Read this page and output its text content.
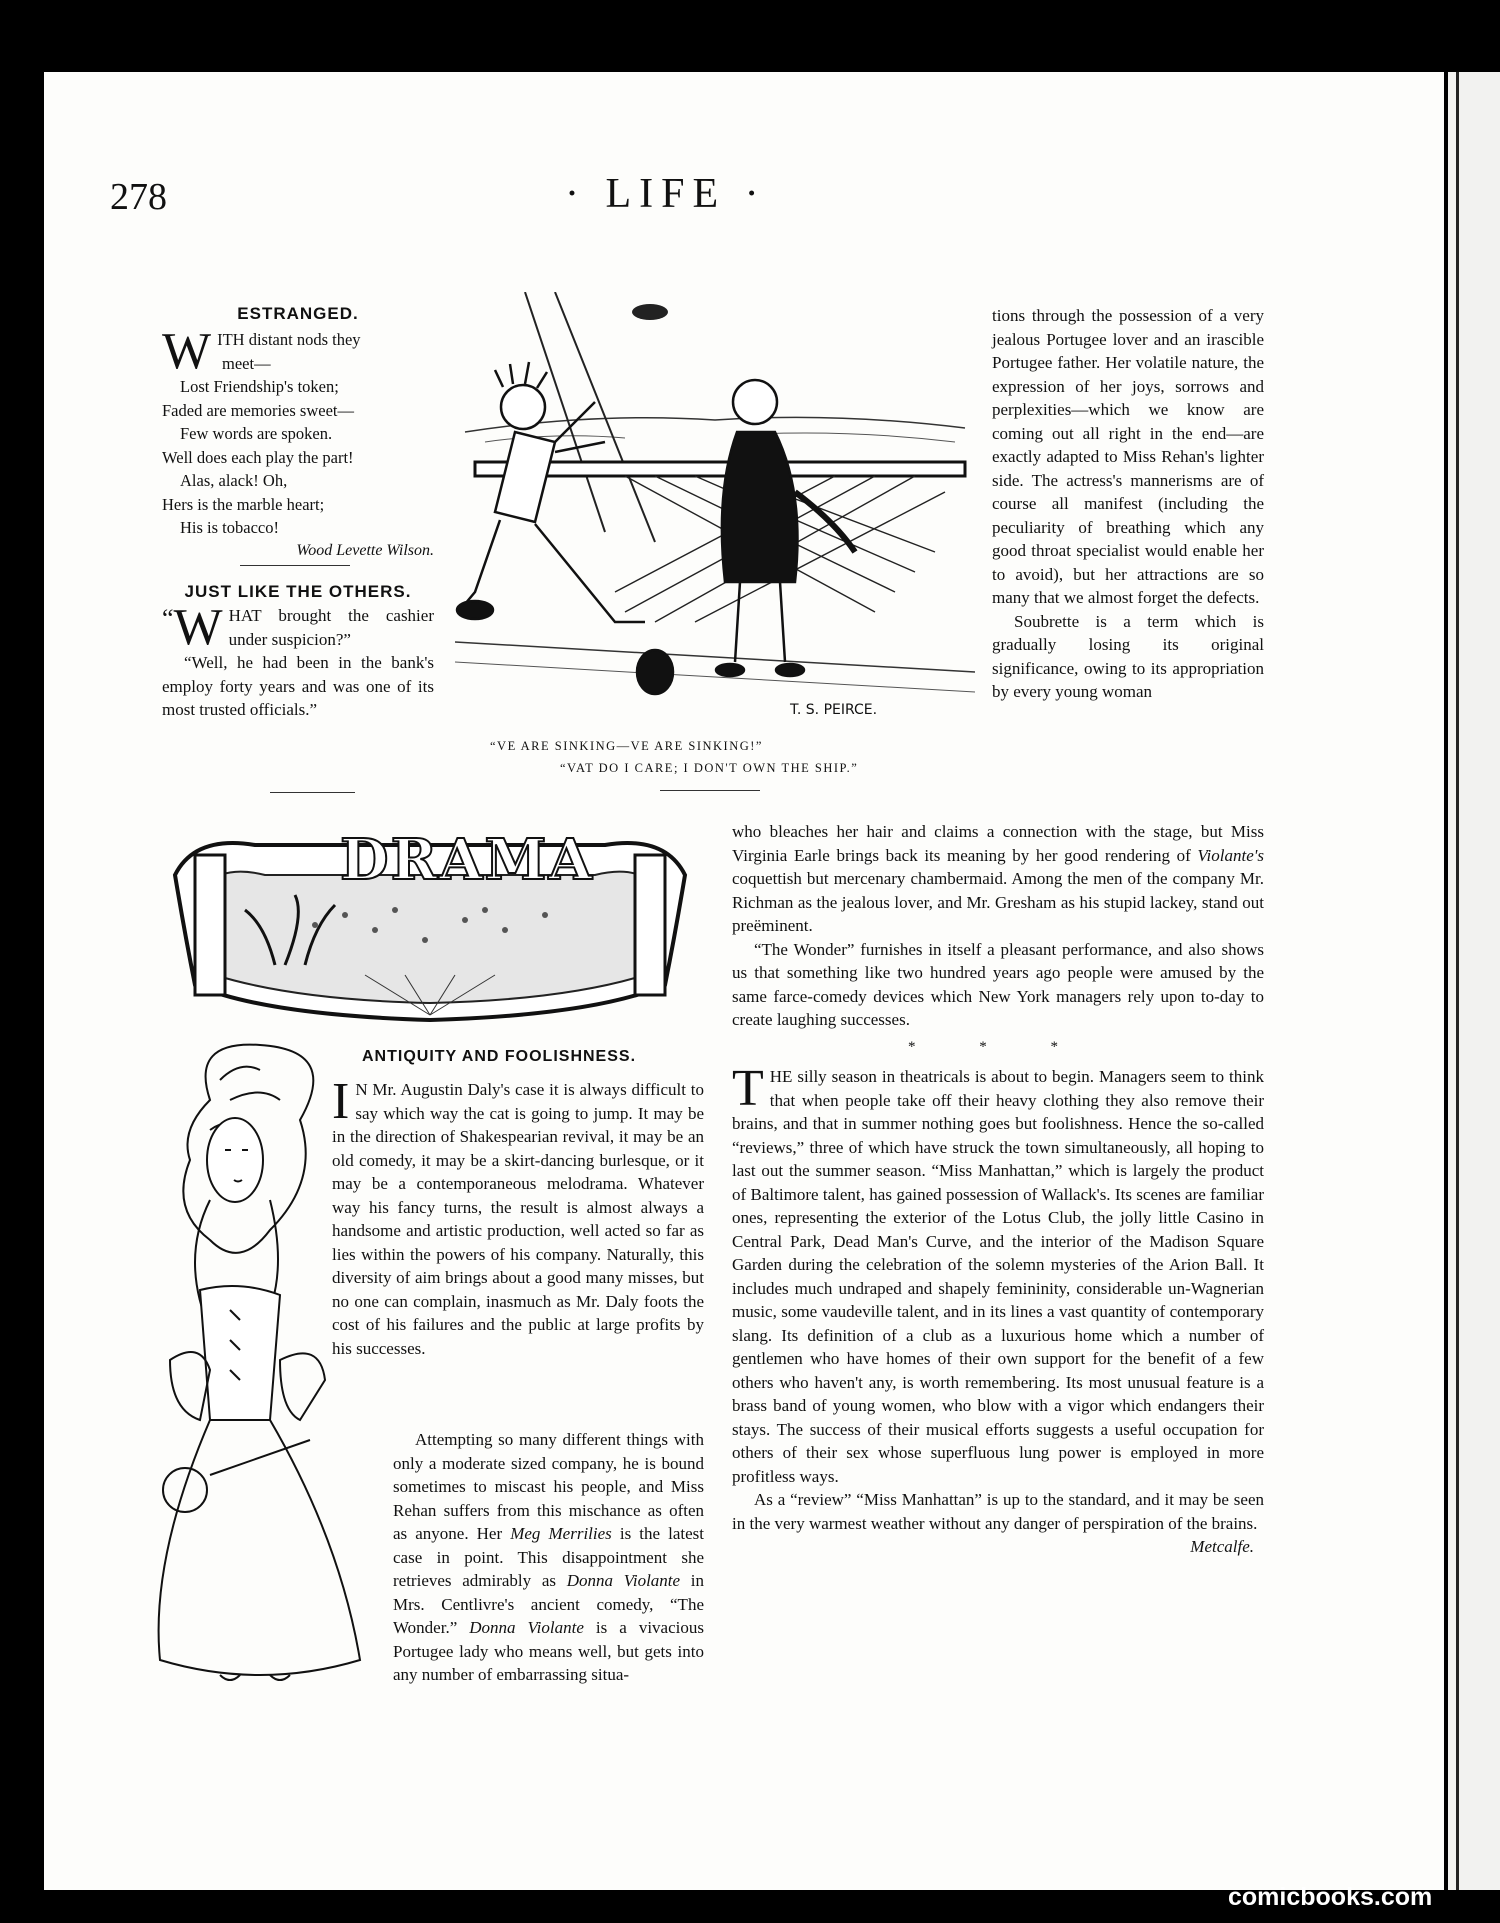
278	· LIFE ·
ESTRANGED.
W ITH distant nods they
meet—
Lost Friendship's token;
Faded are memories sweet—
Few words are spoken.
Well does each play the part!
Alas, alack! Oh,
Hers is the marble heart;
His is tobacco!
Wood Levette Wilson.
JUST LIKE THE OTHERS.
“ W HAT brought the cashier under suspicion?”

“Well, he had been in the bank's employ forty years and was one of its most trusted officials.”	T. S. PEIRCE.
“VE ARE SINKING—VE ARE SINKING!”
“VAT DO I CARE; I DON'T OWN THE SHIP.”
DRAMA
ANTIQUITY AND FOOLISHNESS.
I N Mr. Augustin Daly's case it is always difficult to say which way the cat is going to jump. It may be in the direction of Shakespearian revival, it may be an old comedy, it may be a skirt-dancing burlesque, or it may be a contemporaneous melodrama. Whatever way his fancy turns, the result is almost always a handsome and artistic production, well acted so far as lies within the powers of his company. Naturally, this diversity of aim brings about a good many misses, but no one can complain, inasmuch as Mr. Daly foots the cost of his failures and the public at large profits by his successes.

Attempting so many different things with only a moderate sized company, he is bound sometimes to miscast his people, and Miss Rehan suffers from this mischance as often as anyone. Her Meg Merrilies is the latest case in point. This disappointment she retrieves admirably as Donna Violante in Mrs. Centlivre's ancient comedy, “The Wonder.” Donna Violante is a vivacious Portugee lady who means well, but gets into any number of embarrassing situa-

tions through the possession of a very jealous Portugee lover and an irascible Portugee father. Her volatile nature, the expression of her joys, sorrows and perplexities—which we know are coming out all right in the end—are exactly adapted to Miss Rehan's lighter side. The actress's mannerisms are of course all manifest (including the peculiarity of breathing which any good throat specialist would enable her to avoid), but her attractions are so many that we almost forget the defects.

Soubrette is a term which is gradually losing its original significance, owing to its appropriation by every young woman

who bleaches her hair and claims a connection with the stage, but Miss Virginia Earle brings back its meaning by her good rendering of Violante's coquettish but mercenary chambermaid. Among the men of the company Mr. Richman as the jealous lover, and Mr. Gresham as his stupid lackey, stand out preëminent.

“The Wonder” furnishes in itself a pleasant performance, and also shows us that something like two hundred years ago people were amused by the same farce-comedy devices which New York managers rely upon to-day to create laughing successes.

* * *

THE silly season in theatricals is about to begin. Managers seem to think that when people take off their heavy clothing they also remove their brains, and that in summer nothing goes but foolishness. Hence the so-called “reviews,” three of which have struck the town simultaneously, all hoping to last out the summer season. “Miss Manhattan,” which is largely the product of Baltimore talent, has gained possession of Wallack's. Its scenes are familiar ones, representing the exterior of the Lotus Club, the jolly little Casino in Central Park, Dead Man's Curve, and the interior of the Madison Square Garden during the celebration of the solemn mysteries of the Arion Ball. It includes much undraped and shapely femininity, considerable un-Wagnerian music, some vaudeville talent, and in its lines a vast quantity of contemporary slang. Its definition of a club as a luxurious home which a number of gentlemen who have homes of their own support for the benefit of a few others who haven't any, is worth remembering. Its most unusual feature is a brass band of young women, who blow with a vigor which endangers their stays. The success of their musical efforts suggests a useful occupation for others of their sex whose superfluous lung power is employed in more profitless ways.

As a “review” “Miss Manhattan” is up to the standard, and it may be seen in the very warmest weather without any danger of perspiration of the brains.

Metcalfe.
comicbooks.com
